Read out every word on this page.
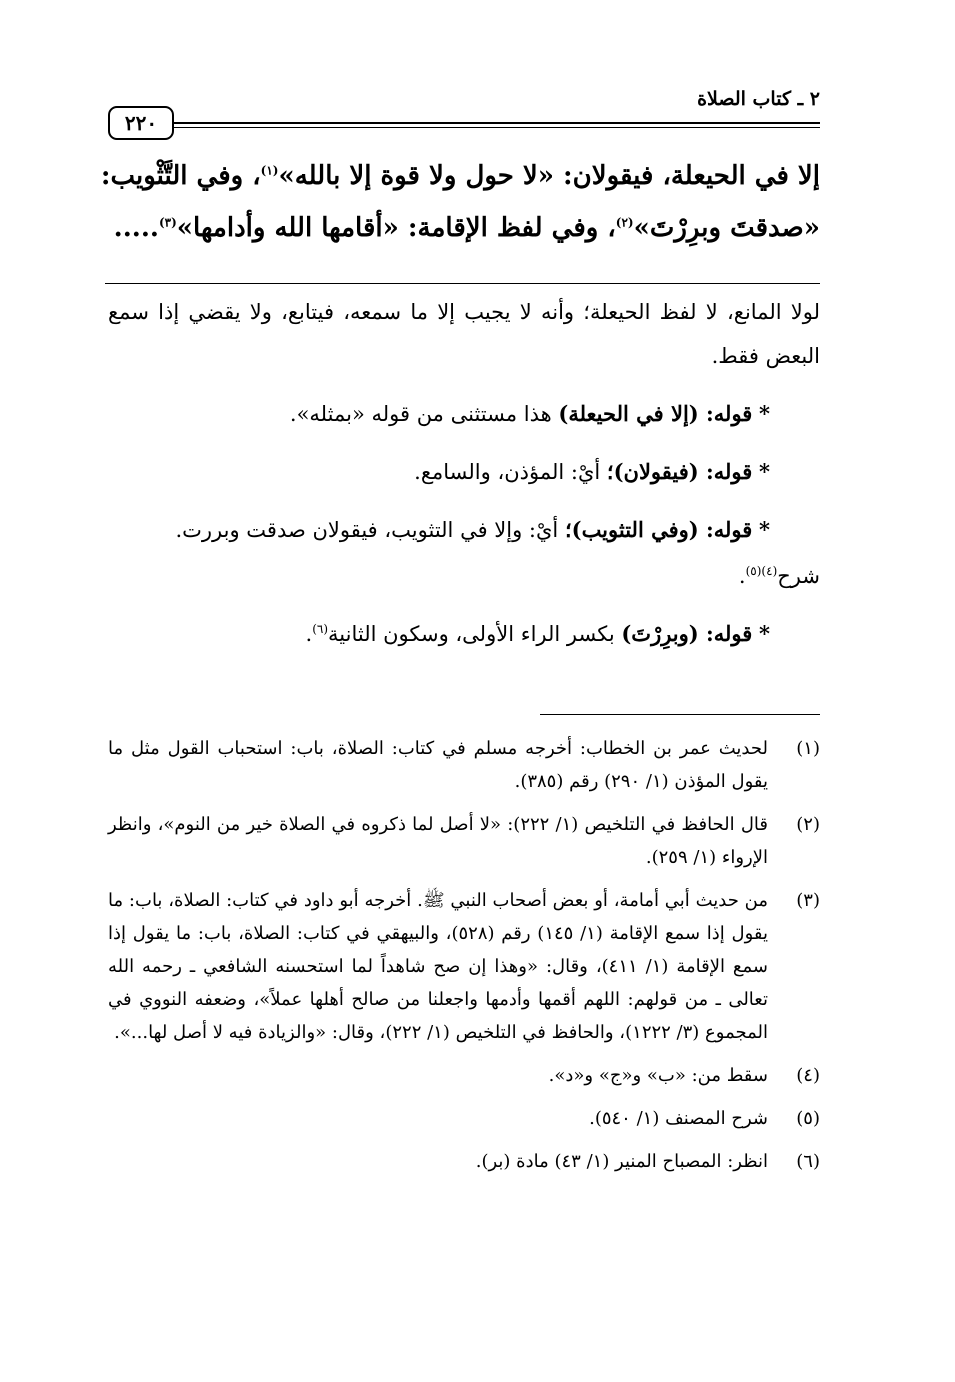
٢ ـ كتاب الصلاة
٢٢٠
إلا في الحيعلة، فيقولان: «لا حول ولا قوة إلا بالله»$^{(١)}$، وفي التَّثْويب:
«صدقتَ وبرِرْتَ»$^{(٢)}$، وفي لفظ الإقامة: «أقامها الله وأدامها»$^{(٣)}$.....

لولا المانع، لا لفظ الحيعلة؛ وأنه لا يجيب إلا ما سمعه، فيتابع، ولا يقضي إذا سمع البعض فقط.

* قوله: (إلا في الحيعلة) هذا مستثنى من قوله «بمثله».

* قوله: (فيقولان)؛ أيْ: المؤذن، والسامع.

* قوله: (وفي التثويب)؛ أيْ: وإلا في التثويب، فيقولان صدقت وبررت.

شرح$^{(٤)(٥)}$.

* قوله: (وبرِرْتَ) بكسر الراء الأولى، وسكون الثانية$^{(٦)}$.

(١)
لحديث عمر بن الخطاب: أخرجه مسلم في كتاب: الصلاة، باب: استحباب القول مثل ما يقول المؤذن (١/ ٢٩٠) رقم (٣٨٥).
(٢)
قال الحافظ في التلخيص (١/ ٢٢٢): «لا أصل لما ذكروه في الصلاة خير من النوم»، وانظر الإرواء (١/ ٢٥٩).
(٣)
من حديث أبي أمامة، أو بعض أصحاب النبي ﷺ. أخرجه أبو داود في كتاب: الصلاة، باب: ما يقول إذا سمع الإقامة (١/ ١٤٥) رقم (٥٢٨)، والبيهقي في كتاب: الصلاة، باب: ما يقول إذا سمع الإقامة (١/ ٤١١)، وقال: «وهذا إن صح شاهداً لما استحسنه الشافعي ـ رحمه الله تعالى ـ من قولهم: اللهم أقمها وأدمها واجعلنا من صالح أهلها عملاً»، وضعفه النووي في المجموع (٣/ ١٢٢٢)، والحافظ في التلخيص (١/ ٢٢٢)، وقال: «والزيادة فيه لا أصل لها...».
(٤)
سقط من: «ب» و«ج» و«د».
(٥)
شرح المصنف (١/ ٥٤٠).
(٦)
انظر: المصباح المنير (١/ ٤٣) مادة (بر).
